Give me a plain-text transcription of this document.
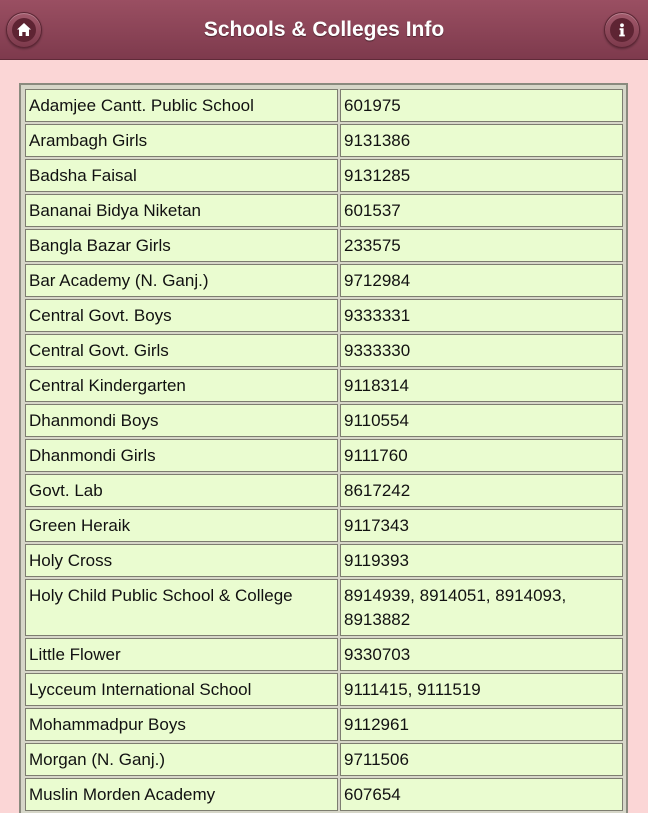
Schools & Colleges Info
Adamjee Cantt. Public School	601975
Arambagh Girls	9131386
Badsha Faisal	9131285
Bananai Bidya Niketan	601537
Bangla Bazar Girls	233575
Bar Academy (N. Ganj.)	9712984
Central Govt. Boys	9333331
Central Govt. Girls	9333330
Central Kindergarten	9118314
Dhanmondi Boys	9110554
Dhanmondi Girls	9111760
Govt. Lab	8617242
Green Heraik	9117343
Holy Cross	9119393
Holy Child Public School & College	8914939, 8914051, 8914093, 8913882
Little Flower	9330703
Lycceum International School	9111415, 9111519
Mohammadpur Boys	9112961
Morgan (N. Ganj.)	9711506
Muslin Morden Academy	607654
